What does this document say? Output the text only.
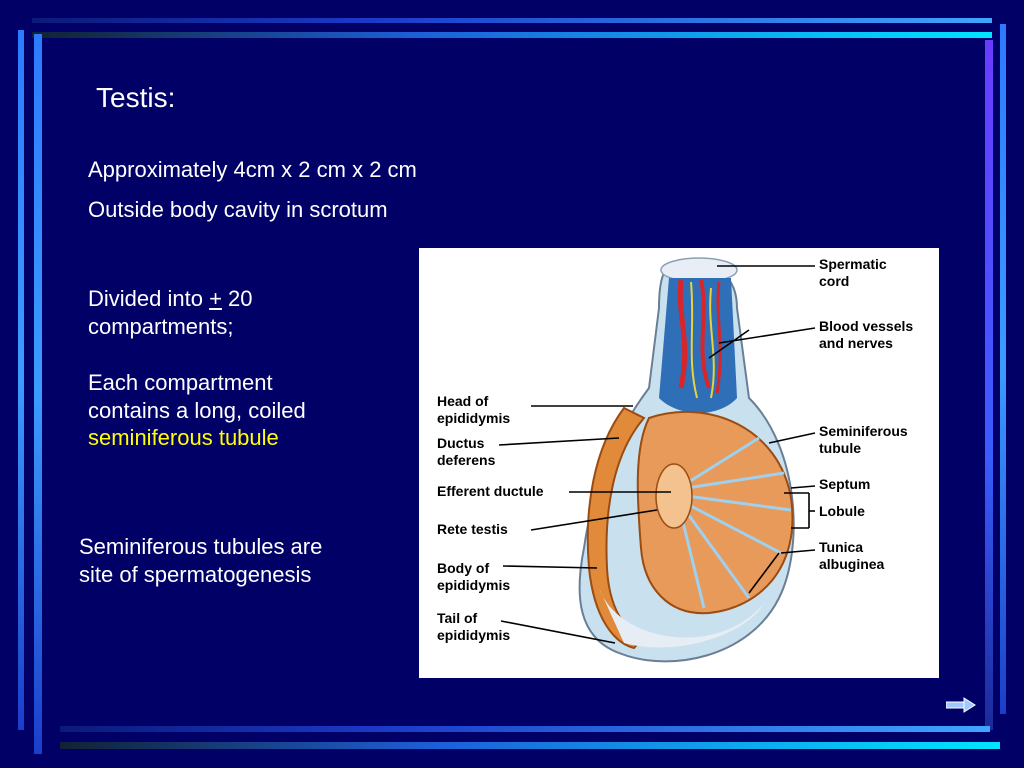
Testis:
Approximately 4cm x 2 cm x 2 cm
Outside body cavity in scrotum
Divided into + 20
compartments;
Each compartment
contains a long, coiled
seminiferous tubule
Seminiferous tubules are
site of spermatogenesis
Spermatic
cord
Blood vessels
and nerves
Seminiferous
tubule
Septum
Lobule
Tunica
albuginea
Head of
epididymis
Ductus
deferens
Efferent ductule
Rete testis
Body of
epididymis
Tail of
epididymis
